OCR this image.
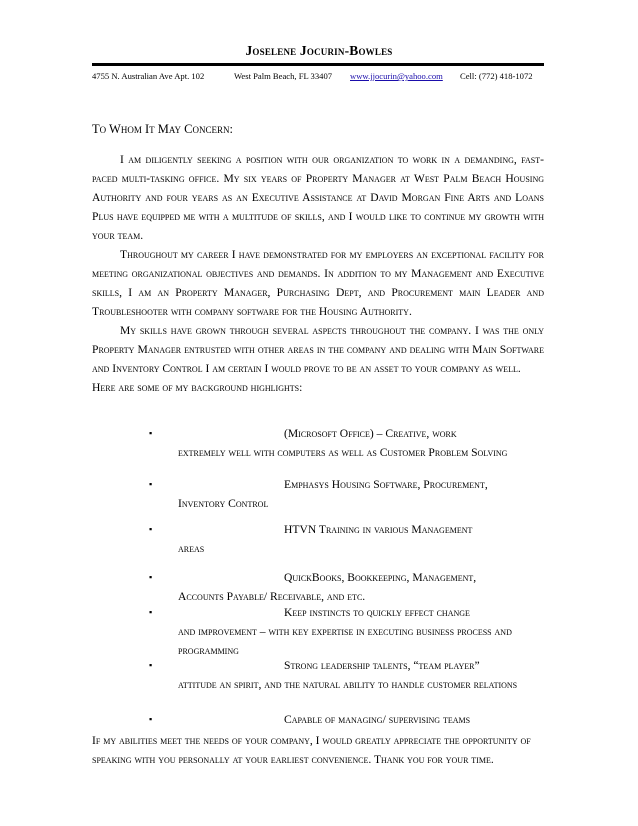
Joselene Jocurin-Bowles
4755 N. Australian Ave Apt. 102	West Palm Beach, FL 33407 www.jjocurin@yahoo.com Cell: (772) 418-1072
To Whom It May Concern:

I am diligently seeking a position with our organization to work in a demanding, fast-paced multi-tasking office. My six years of Property Manager at West Palm Beach Housing Authority and four years as an Executive Assistance at David Morgan Fine Arts and Loans Plus have equipped me with a multitude of skills, and I would like to continue my growth with your team.

Throughout my career I have demonstrated for my employers an exceptional facility for meeting organizational objectives and demands. In addition to my Management and Executive skills, I am an Property Manager, Purchasing Dept, and Procurement main Leader and Troubleshooter with company software for the Housing Authority.

My skills have grown through several aspects throughout the company. I was the only Property Manager entrusted with other areas in the company and dealing with Main Software and Inventory Control I am certain I would prove to be an asset to your company as well.

Here are some of my background highlights:

▪	(Microsoft Office) – Creative, work
extremely well with computers as well as Customer Problem Solving
▪	Emphasys Housing Software, Procurement,
Inventory Control
▪	HTVN Training in various Management
areas
▪	QuickBooks, Bookkeeping, Management,
Accounts Payable/ Receivable, and etc.
▪	Keep instincts to quickly effect change
and improvement – with key expertise in executing business process and programming
▪	Strong leadership talents, “team player”
attitude an spirit, and the natural ability to handle customer relations
▪	Capable of managing/ supervising teams
If my abilities meet the needs of your company, I would greatly appreciate the opportunity of speaking with you personally at your earliest convenience. Thank you for your time.
